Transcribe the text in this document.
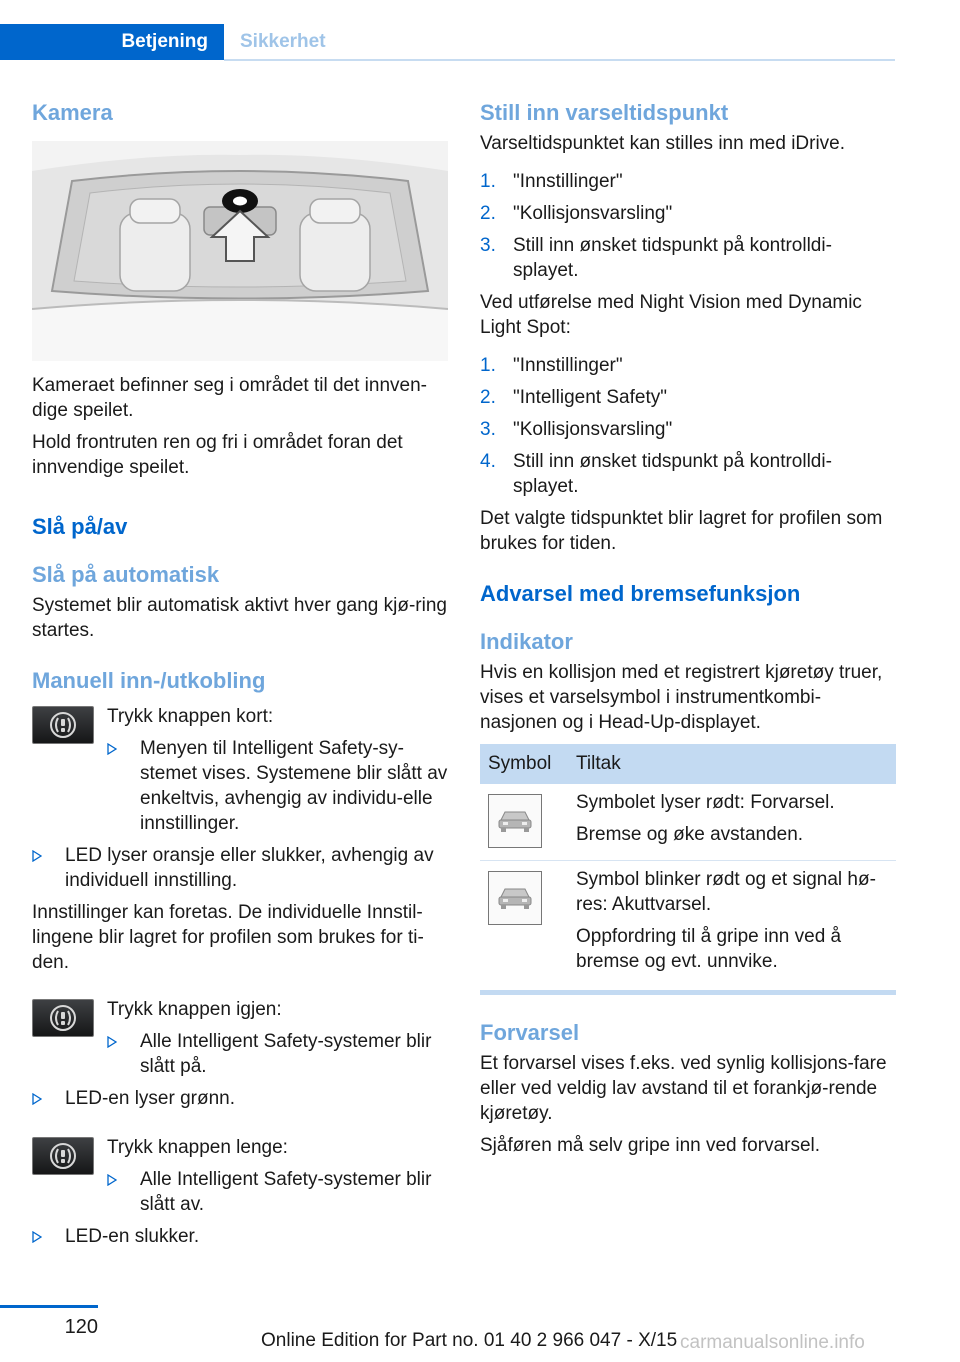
Betjening	Sikkerhet
Kamera

Kameraet befinner seg i området til det innven-dige speilet.

Hold frontruten ren og fri i området foran det innvendige speilet.

Slå på/av
Slå på automatisk

Systemet blir automatisk aktivt hver gang kjø-ring startes.

Manuell inn-/utkobling

Trykk knappen kort:

Menyen til Intelligent Safety-sy-stemet vises. Systemene blir slått av enkeltvis, avhengig av individu-elle innstillinger.
LED lyser oransje eller slukker, avhengig av individuell innstilling.

Innstillinger kan foretas. De individuelle Innstil-lingene blir lagret for profilen som brukes for ti-den.

Trykk knappen igjen:

Alle Intelligent Safety-systemer blir slått på.
LED-en lyser grønn.

Trykk knappen lenge:

Alle Intelligent Safety-systemer blir slått av.
LED-en slukker.
Still inn varseltidspunkt

Varseltidspunktet kan stilles inn med iDrive.

1. "Innstillinger"
2. "Kollisjonsvarsling"
3. Still inn ønsket tidspunkt på kontrolldi-splayet.

Ved utførelse med Night Vision med Dynamic Light Spot:

1. "Innstillinger"
2. "Intelligent Safety"
3. "Kollisjonsvarsling"
4. Still inn ønsket tidspunkt på kontrolldi-splayet.

Det valgte tidspunktet blir lagret for profilen som brukes for tiden.

Advarsel med bremsefunksjon
Indikator

Hvis en kollisjon med et registrert kjøretøy truer, vises et varselsymbol i instrumentkombi-nasjonen og i Head-Up-displayet.

Symbol	Tiltak

Symbolet lyser rødt: Forvarsel.
Bremse og øke avstanden.

Symbol blinker rødt og et signal hø-res: Akuttvarsel.
Oppfordring til å gripe inn ved å bremse og evt. unnvike.
Forvarsel

Et forvarsel vises f.eks. ved synlig kollisjons-fare eller ved veldig lav avstand til et forankjø-rende kjøretøy.

Sjåføren må selv gripe inn ved forvarsel.

120
Online Edition for Part no. 01 40 2 966 047 - X/15 carmanualsonline.info
